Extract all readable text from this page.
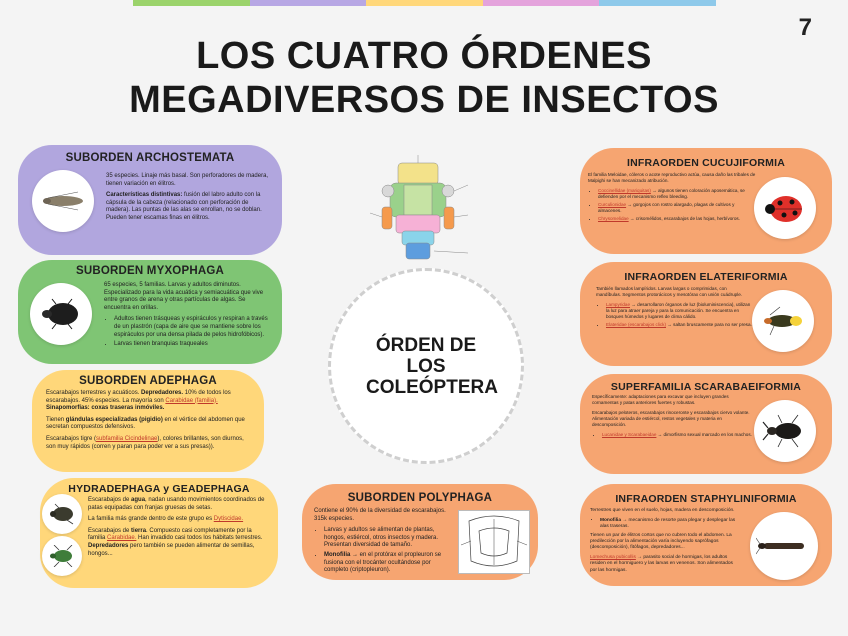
7
LOS CUATRO ÓRDENES
MEGADIVERSOS DE INSECTOS
ÓRDEN DE LOS COLEÓPTERA
SUBORDEN ARCHOSTEMATA

35 especies. Linaje más basal. Son perforadores de madera, tienen variación en élitros.

Características distintivas: fusión del labro adulto con la cápsula de la cabeza (relacionado con perforación de madera). Las puntas de las alas se enrollan, no se doblan. Pueden tener escamas finas en élitros.

SUBORDEN MYXOPHAGA

65 especies, 5 familias. Larvas y adultos diminutos. Especializado para la vida acuática y semiacuática que vive entre granos de arena y otras partículas de algas. Se encuentra en orillas.

• Adultos tienen trásqueas y espiráculos y respiran a través de un plastrón (capa de aire que se mantiene sobre los espiráculos por una densa pilada de pelos hidrofóbicos).
• Larvas tienen branquias traqueales
SUBORDEN ADEPHAGA

Escarabajos terrestres y acuáticos. Depredadores. 10% de todos los escarabajos. 45% especies. La mayoría son Carabidae (familia). Sinapomorfías: coxas traseras inmóviles.

Tienen glándulas especializadas (pigidio) en el vértice del abdomen que secretan compuestos defensivos.

Escarabajos tigre (subfamilia Cicindelinae), colores brillantes, son diurnos, son muy rápidos (corren y paran para poder ver a sus presas)).

HYDRADEPHAGA y GEADEPHAGA

Escarabajos de agua, nadan usando movimientos coordinados de patas equipadas con franjas gruesas de setas.

La familia más grande dentro de este grupo es Dytiscidae.

Escarabajos de tierra. Compuesto casi completamente por la familia Carabidae. Han invadido casi todos los hábitats terrestres. Depredadores pero también se pueden alimentar de semillas, hongos...

SUBORDEN POLYPHAGA

Contiene el 90% de la diversidad de escarabajos. 315k especies.

• Larvas y adultos se alimentan de plantas, hongos, estiércol, otros insectos y madera. Presentan diversidad de tamaño.
• Monofilia → en el protórax el propleuron se fusiona con el trocánter ocultándose por completo (criptopleuron).
INFRAORDEN CUCUJIFORMIA

El familia Meloidae, cóleros o acote reproductivo actúa, causa daño las tribales de Malpighi se han mecanizado atribución.

• Coccinellidae (mariquitas) → algunos tienen coloración aposemática, se defienden por el mecanismo reflex bleeding.
• Curculionidae → gorgojos con rostro alargado, plagas de cultivos y almacenes.
• Chrysomelidae → crisomélidos, escarabajos de las hojas, herbívoros.
INFRAORDEN ELATERIFORMIA

También llamados lampíridos. Larvas largas o comprimidas, con mandíbulas. Segmentos protorácicos y mesotórax con unión cuádruple.

• Lampyridae → desarrollaron órganos de luz (bioluminiscencia), utilizan la luz para atraer pareja y para la comunicación. Se encuentra en bosques húmedos y lugares de clima cálido.
• Elateridae (escarabajos click) → saltan bruscamente para no ser presa.
SUPERFAMILIA SCARABAEIFORMIA

Específicamente: adaptaciones para excavar que incluyen grandes cornamentas y patas anteriores fuertes y robustas.

Escarabajos peloteros, escarabajos rinoceronte y escarabajos ciervo volante. Alimentación variada de estiércol, restos vegetales y materia en descomposición.

• Lucanidae y Scarabaeidae → dimorfismo sexual marcado en los machos.
INFRAORDEN STAPHYLINIFORMIA

Terrestres que viven en el suelo, hojas, madera en descomposición.

• Monofilia → mecanismo de resorte para plegar y desplegar las alas traseras.

Tienen un par de élitros cortos que no cubren todo el abdomen. La predilección por la alimentación varía incluyendo saprófagos (descomposición), fitófagos, depredadores...

Lomechusa pubicollis → parasito social de hormigas, los adultos residen en el hormiguero y las larvas en venenos. Son alimentados por las hormigas.
